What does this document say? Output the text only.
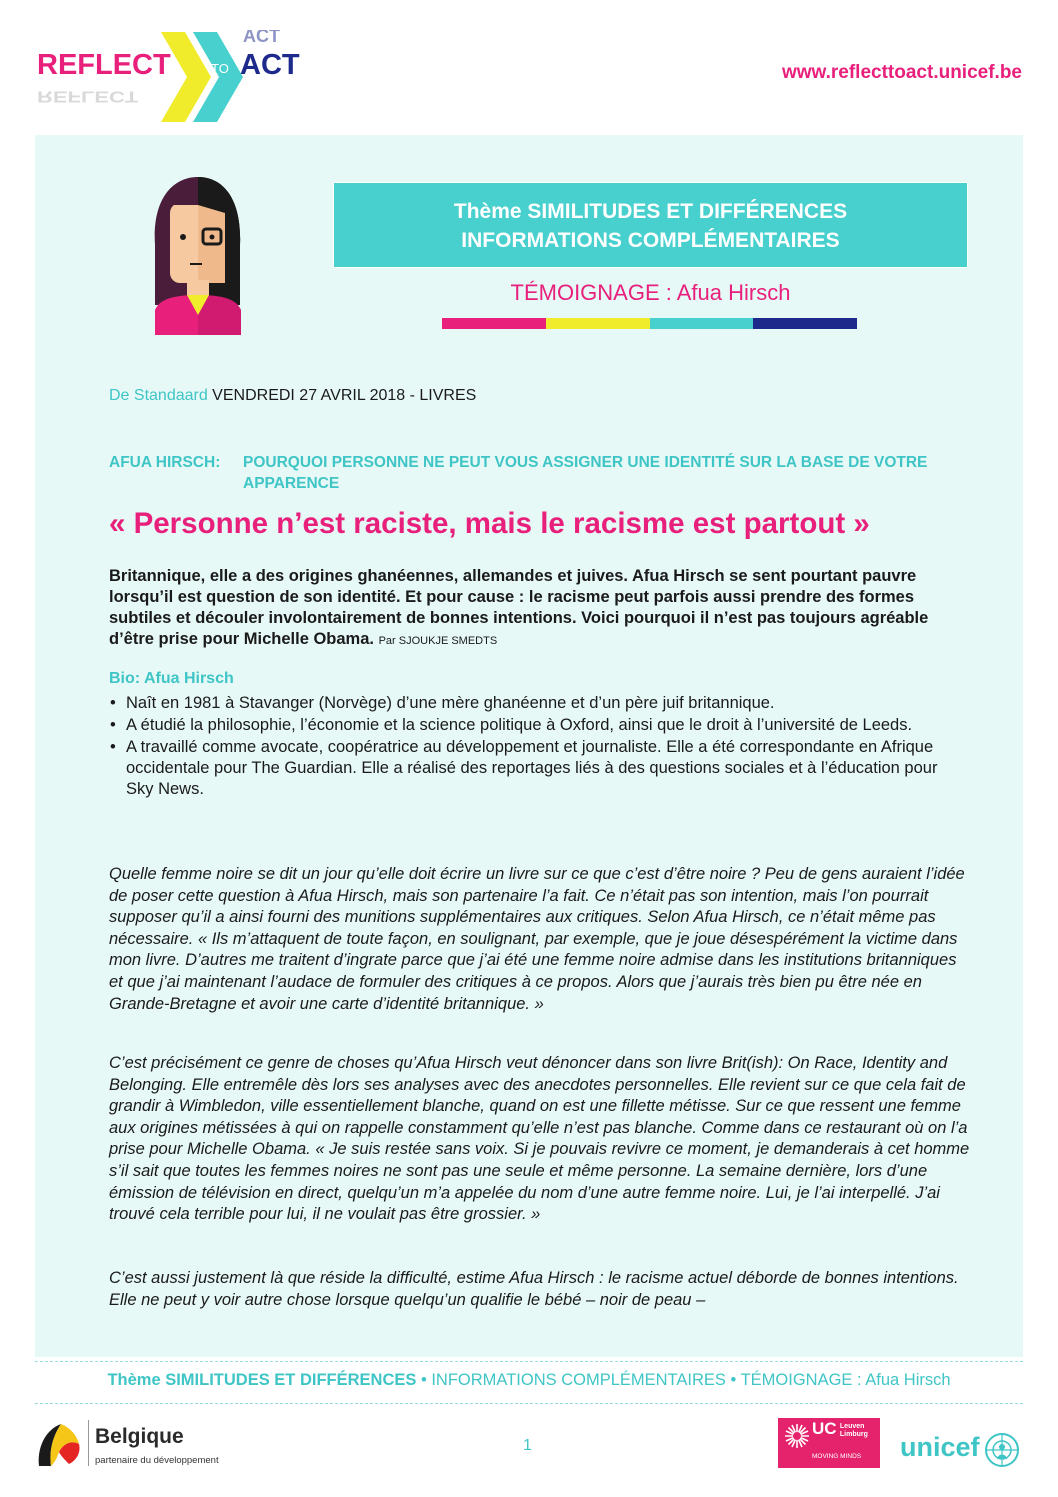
REFLECT
REFLECT
TO ACT
ACT
www.reflecttoact.unicef.be
Thème SIMILITUDES ET DIFFÉRENCES
INFORMATIONS COMPLÉMENTAIRES
TÉMOIGNAGE : Afua Hirsch
De Standaard VENDREDI 27 AVRIL 2018 - LIVRES
AFUA HIRSCH: POURQUOI PERSONNE NE PEUT VOUS ASSIGNER UNE IDENTITÉ SUR LA BASE DE VOTRE APPARENCE
« Personne n’est raciste, mais le racisme est partout »
Britannique, elle a des origines ghanéennes, allemandes et juives. Afua Hirsch se sent pourtant pauvre lorsqu’il est question de son identité. Et pour cause : le racisme peut parfois aussi prendre des formes subtiles et découler involontairement de bonnes intentions. Voici pourquoi il n’est pas toujours agréable d’être prise pour Michelle Obama. Par SJOUKJE SMEDTS
Bio: Afua Hirsch
• Naît en 1981 à Stavanger (Norvège) d’une mère ghanéenne et d’un père juif britannique.
• A étudié la philosophie, l’économie et la science politique à Oxford, ainsi que le droit à l’université de Leeds.
• A travaillé comme avocate, coopératrice au développement et journaliste. Elle a été correspondante en Afrique occidentale pour The Guardian. Elle a réalisé des reportages liés à des questions sociales et à l’éducation pour Sky News.
Quelle femme noire se dit un jour qu’elle doit écrire un livre sur ce que c’est d’être noire ? Peu de gens auraient l’idée de poser cette question à Afua Hirsch, mais son partenaire l’a fait. Ce n’était pas son intention, mais l’on pourrait supposer qu’il a ainsi fourni des munitions supplémentaires aux critiques. Selon Afua Hirsch, ce n’était même pas nécessaire. « Ils m’attaquent de toute façon, en soulignant, par exemple, que je joue désespérément la victime dans mon livre. D’autres me traitent d’ingrate parce que j’ai été une femme noire admise dans les institutions britanniques et que j’ai maintenant l’audace de formuler des critiques à ce propos. Alors que j’aurais très bien pu être née en Grande-Bretagne et avoir une carte d’identité britannique. »
C’est précisément ce genre de choses qu’Afua Hirsch veut dénoncer dans son livre Brit(ish): On Race, Identity and Belonging. Elle entremêle dès lors ses analyses avec des anecdotes personnelles. Elle revient sur ce que cela fait de grandir à Wimbledon, ville essentiellement blanche, quand on est une fillette métisse. Sur ce que ressent une femme aux origines métissées à qui on rappelle constamment qu’elle n’est pas blanche. Comme dans ce restaurant où on l’a prise pour Michelle Obama. « Je suis restée sans voix. Si je pouvais revivre ce moment, je demanderais à cet homme s’il sait que toutes les femmes noires ne sont pas une seule et même personne. La semaine dernière, lors d’une émission de télévision en direct, quelqu’un m’a appelée du nom d’une autre femme noire. Lui, je l’ai interpellé. J’ai trouvé cela terrible pour lui, il ne voulait pas être grossier. »
C’est aussi justement là que réside la difficulté, estime Afua Hirsch : le racisme actuel déborde de bonnes intentions. Elle ne peut y voir autre chose lorsque quelqu’un qualifie le bébé – noir de peau –
Thème SIMILITUDES ET DIFFÉRENCES • INFORMATIONS COMPLÉMENTAIRES • TÉMOIGNAGE : Afua Hirsch
Belgique
partenaire du développement
1
UC Leuven
Limburg
MOVING MINDS unicef
